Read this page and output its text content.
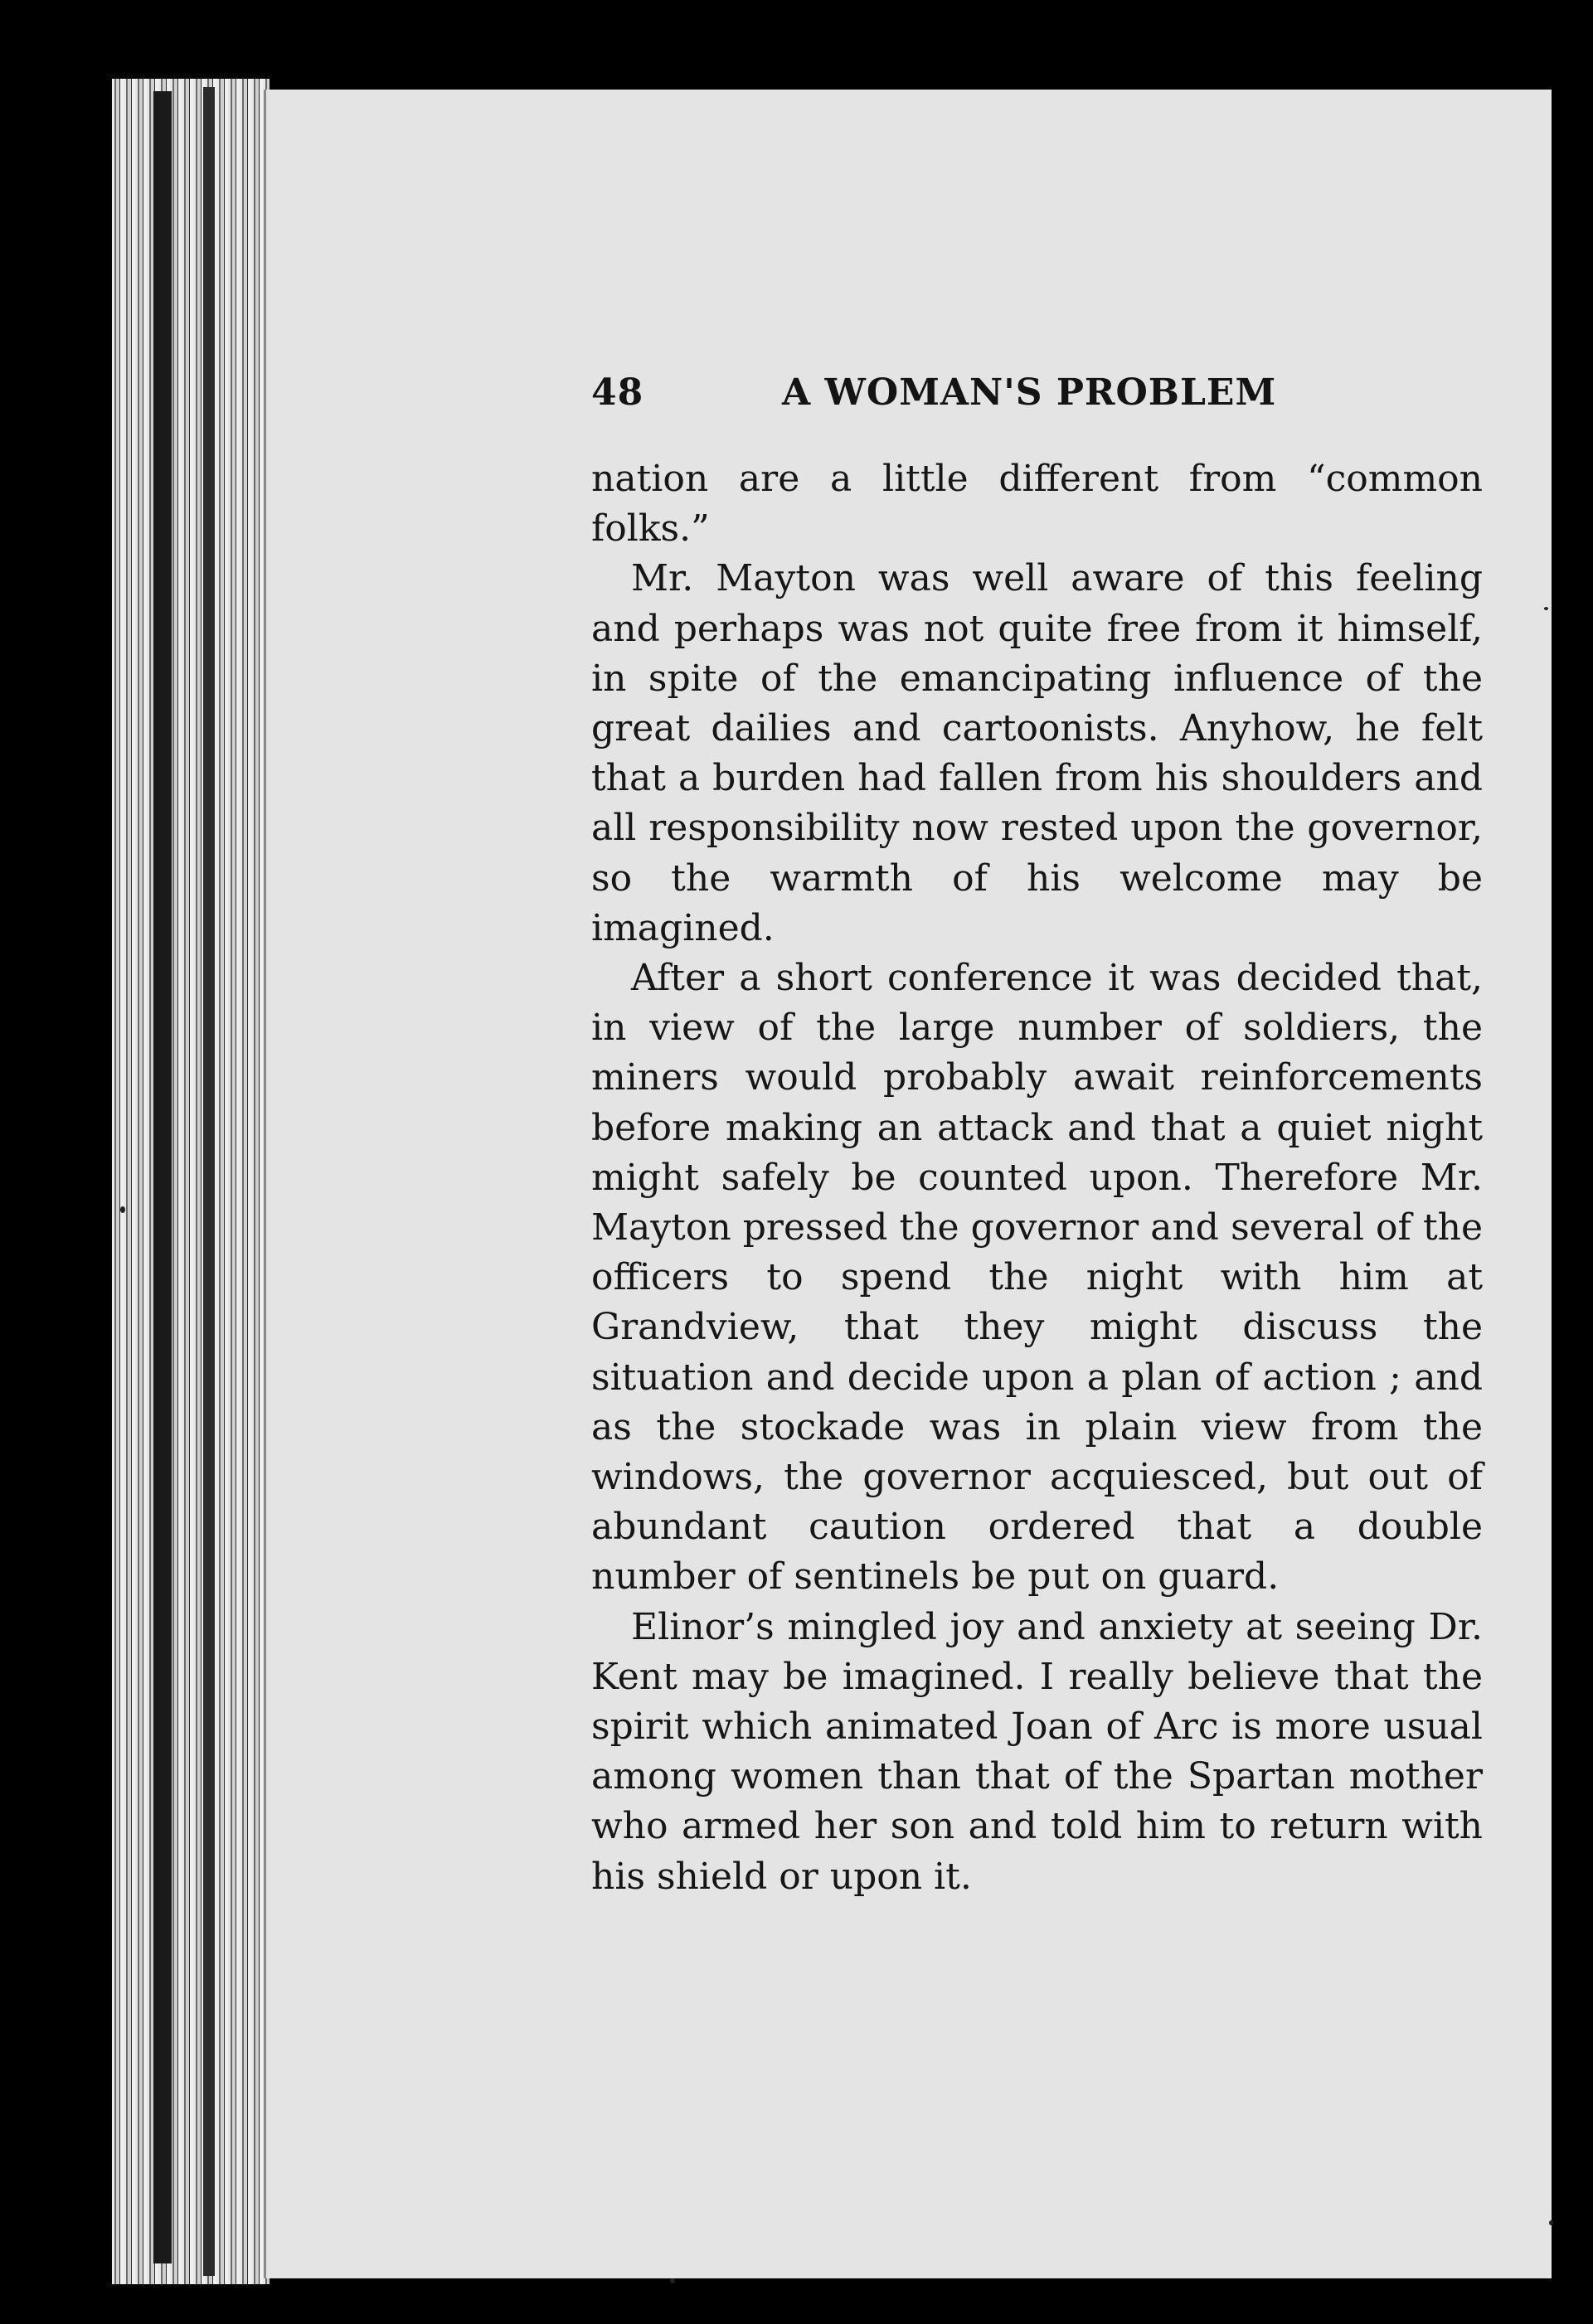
48	A WOMAN'S PROBLEM

nation are a little different from “common folks.”

Mr. Mayton was well aware of this feeling and perhaps was not quite free from it himself, in spite of the emancipating influence of the great dailies and cartoonists. Anyhow, he felt that a burden had fallen from his shoulders and all responsibility now rested upon the governor, so the warmth of his welcome may be imagined.

After a short conference it was decided that, in view of the large number of soldiers, the miners would probably await reinforcements before making an attack and that a quiet night might safely be counted upon. Therefore Mr. Mayton pressed the governor and several of the officers to spend the night with him at Grandview, that they might discuss the situation and decide upon a plan of action ; and as the stockade was in plain view from the windows, the governor acquiesced, but out of abundant caution ordered that a double number of sentinels be put on guard.

Elinor’s mingled joy and anxiety at seeing Dr. Kent may be imagined. I really believe that the spirit which animated Joan of Arc is more usual among women than that of the Spartan mother who armed her son and told him to return with his shield or upon it.
